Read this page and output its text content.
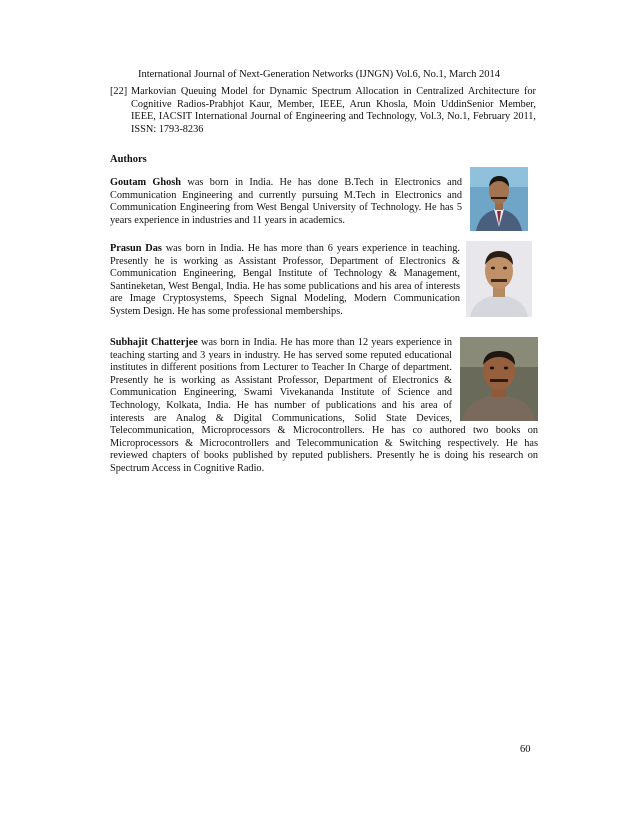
International Journal of Next-Generation Networks (IJNGN) Vol.6, No.1, March 2014
[22] Markovian Queuing Model for Dynamic Spectrum Allocation in Centralized Architecture for Cognitive Radios-Prabhjot Kaur, Member, IEEE, Arun Khosla, Moin UddinSenior Member, IEEE, IACSIT International Journal of Engineering and Technology, Vol.3, No.1, February 2011, ISSN: 1793-8236
Authors
Goutam Ghosh was born in India. He has done B.Tech in Electronics and Communication Engineering and currently pursuing M.Tech in Electronics and Communication Engineering from West Bengal University of Technology. He has 5 years experience in industries and 11 years in academics.
Prasun Das was born in India. He has more than 6 years experience in teaching. Presently he is working as Assistant Professor, Department of Electronics & Communication Engineering, Bengal Institute of Technology & Management, Santineketan, West Bengal, India. He has some publications and his area of interests are Image Cryptosystems, Speech Signal Modeling, Modern Communication System Design. He has some professional memberships.
Subhajit Chatterjee was born in India. He has more than 12 years experience in teaching starting and 3 years in industry. He has served some reputed educational institutes in different positions from Lecturer to Teacher In Charge of department. Presently he is working as Assistant Professor, Department of Electronics & Communication Engineering, Swami Vivekananda Institute of Science and Technology, Kolkata, India. He has number of publications and his area of interests are Analog & Digital Communications, Solid State Devices, Telecommunication, Microprocessors & Microcontrollers. He has co authored two books on Microprocessors & Microcontrollers and Telecommunication & Switching respectively. He has reviewed chapters of books published by reputed publishers. Presently he is doing his research on Spectrum Access in Cognitive Radio.
60
